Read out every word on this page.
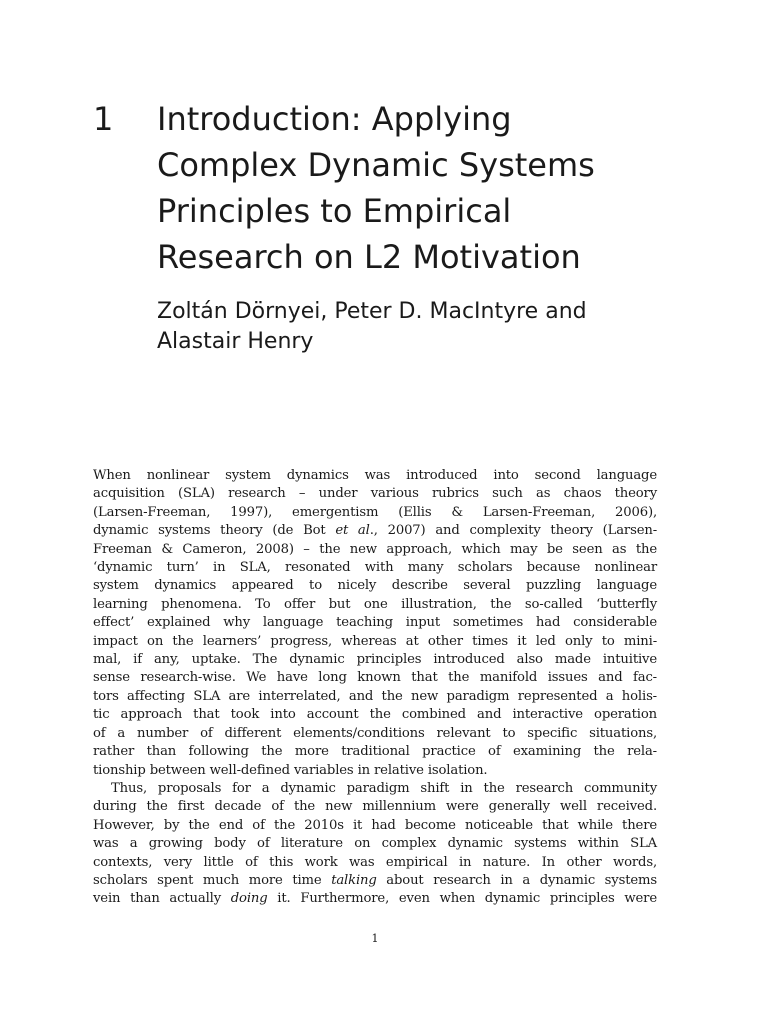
1 Introduction: Applying
Complex Dynamic Systems
Principles to Empirical
Research on L2 Motivation
Zoltán Dörnyei, Peter D. MacIntyre and
Alastair Henry
When nonlinear system dynamics was introduced into second language
acquisition (SLA) research – under various rubrics such as chaos theory
(Larsen-Freeman, 1997), emergentism (Ellis & Larsen-Freeman, 2006),
dynamic systems theory (de Bot et al., 2007) and complexity theory (Larsen-
Freeman & Cameron, 2008) – the new approach, which may be seen as the
‘dynamic turn’ in SLA, resonated with many scholars because nonlinear
system dynamics appeared to nicely describe several puzzling language
learning phenomena. To offer but one illustration, the so-called ‘butterfly
effect’ explained why language teaching input sometimes had considerable
impact on the learners’ progress, whereas at other times it led only to mini-
mal, if any, uptake. The dynamic principles introduced also made intuitive
sense research-wise. We have long known that the manifold issues and fac-
tors affecting SLA are interrelated, and the new paradigm represented a holis-
tic approach that took into account the combined and interactive operation
of a number of different elements/conditions relevant to specific situations,
rather than following the more traditional practice of examining the rela-
tionship between well-defined variables in relative isolation.
Thus, proposals for a dynamic paradigm shift in the research community
during the first decade of the new millennium were generally well received.
However, by the end of the 2010s it had become noticeable that while there
was a growing body of literature on complex dynamic systems within SLA
contexts, very little of this work was empirical in nature. In other words,
scholars spent much more time talking about research in a dynamic systems
vein than actually doing it. Furthermore, even when dynamic principles were
1
